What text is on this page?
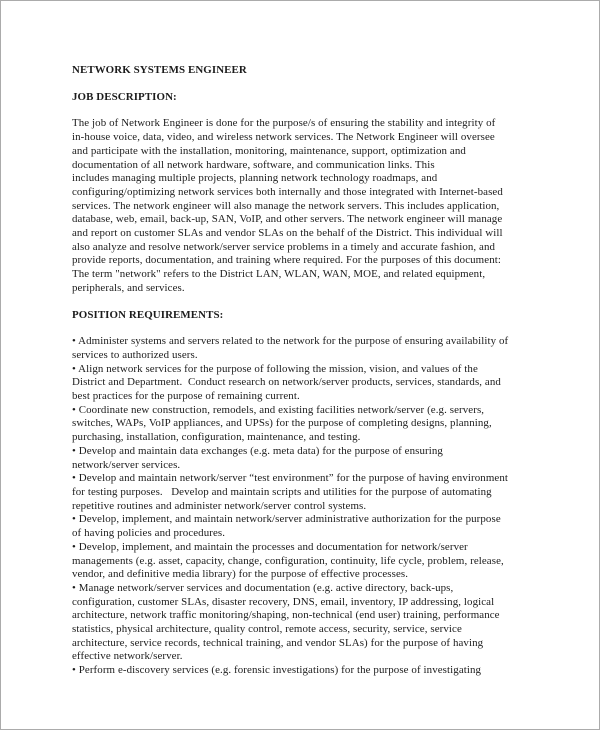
NETWORK SYSTEMS ENGINEER
JOB DESCRIPTION:
The job of Network Engineer is done for the purpose/s of ensuring the stability and integrity of
in-house voice, data, video, and wireless network services. The Network Engineer will oversee
and participate with the installation, monitoring, maintenance, support, optimization and
documentation of all network hardware, software, and communication links. This
includes managing multiple projects, planning network technology roadmaps, and
configuring/optimizing network services both internally and those integrated with Internet-based
services. The network engineer will also manage the network servers. This includes application,
database, web, email, back-up, SAN, VoIP, and other servers. The network engineer will manage
and report on customer SLAs and vendor SLAs on the behalf of the District. This individual will
also analyze and resolve network/server service problems in a timely and accurate fashion, and
provide reports, documentation, and training where required. For the purposes of this document:
The term "network" refers to the District LAN, WLAN, WAN, MOE, and related equipment,
peripherals, and services.
POSITION REQUIREMENTS:
• Administer systems and servers related to the network for the purpose of ensuring availability of
services to authorized users.
• Align network services for the purpose of following the mission, vision, and values of the
District and Department.  Conduct research on network/server products, services, standards, and
best practices for the purpose of remaining current.
• Coordinate new construction, remodels, and existing facilities network/server (e.g. servers,
switches, WAPs, VoIP appliances, and UPSs) for the purpose of completing designs, planning,
purchasing, installation, configuration, maintenance, and testing.
• Develop and maintain data exchanges (e.g. meta data) for the purpose of ensuring
network/server services.
• Develop and maintain network/server “test environment” for the purpose of having environment
for testing purposes.   Develop and maintain scripts and utilities for the purpose of automating
repetitive routines and administer network/server control systems.
• Develop, implement, and maintain network/server administrative authorization for the purpose
of having policies and procedures.
• Develop, implement, and maintain the processes and documentation for network/server
managements (e.g. asset, capacity, change, configuration, continuity, life cycle, problem, release,
vendor, and definitive media library) for the purpose of effective processes.
• Manage network/server services and documentation (e.g. active directory, back-ups,
configuration, customer SLAs, disaster recovery, DNS, email, inventory, IP addressing, logical
architecture, network traffic monitoring/shaping, non-technical (end user) training, performance
statistics, physical architecture, quality control, remote access, security, service, service
architecture, service records, technical training, and vendor SLAs) for the purpose of having
effective network/server.
• Perform e-discovery services (e.g. forensic investigations) for the purpose of investigating
